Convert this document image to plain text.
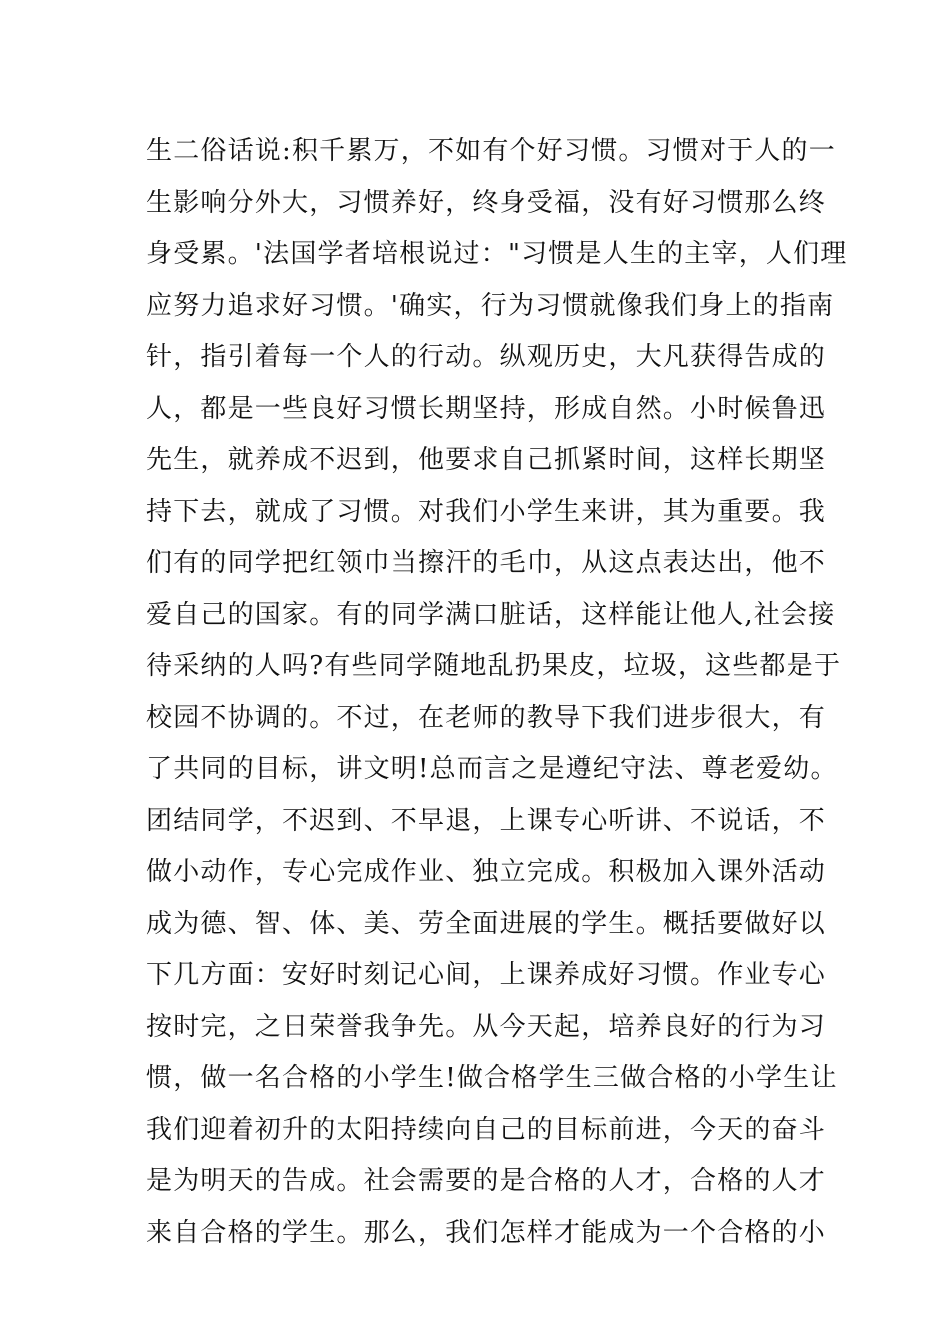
生二俗话说:积千累万，不如有个好习惯。习惯对于人的一
生影响分外大，习惯养好，终身受福，没有好习惯那么终
身受累。'法国学者培根说过："习惯是人生的主宰，人们理
应努力追求好习惯。'确实，行为习惯就像我们身上的指南
针，指引着每一个人的行动。纵观历史，大凡获得告成的
人，都是一些良好习惯长期坚持，形成自然。小时候鲁迅
先生，就养成不迟到，他要求自己抓紧时间，这样长期坚
持下去，就成了习惯。对我们小学生来讲，其为重要。我
们有的同学把红领巾当擦汗的毛巾，从这点表达出，他不
爱自己的国家。有的同学满口脏话，这样能让他人,社会接
待采纳的人吗?有些同学随地乱扔果皮，垃圾，这些都是于
校园不协调的。不过，在老师的教导下我们进步很大，有
了共同的目标，讲文明!总而言之是遵纪守法、尊老爱幼。
团结同学，不迟到、不早退，上课专心听讲、不说话，不
做小动作，专心完成作业、独立完成。积极加入课外活动
成为德、智、体、美、劳全面进展的学生。概括要做好以
下几方面：安好时刻记心间，上课养成好习惯。作业专心
按时完，之日荣誉我争先。从今天起，培养良好的行为习
惯，做一名合格的小学生!做合格学生三做合格的小学生让
我们迎着初升的太阳持续向自己的目标前进，今天的奋斗
是为明天的告成。社会需要的是合格的人才，合格的人才
来自合格的学生。那么，我们怎样才能成为一个合格的小
